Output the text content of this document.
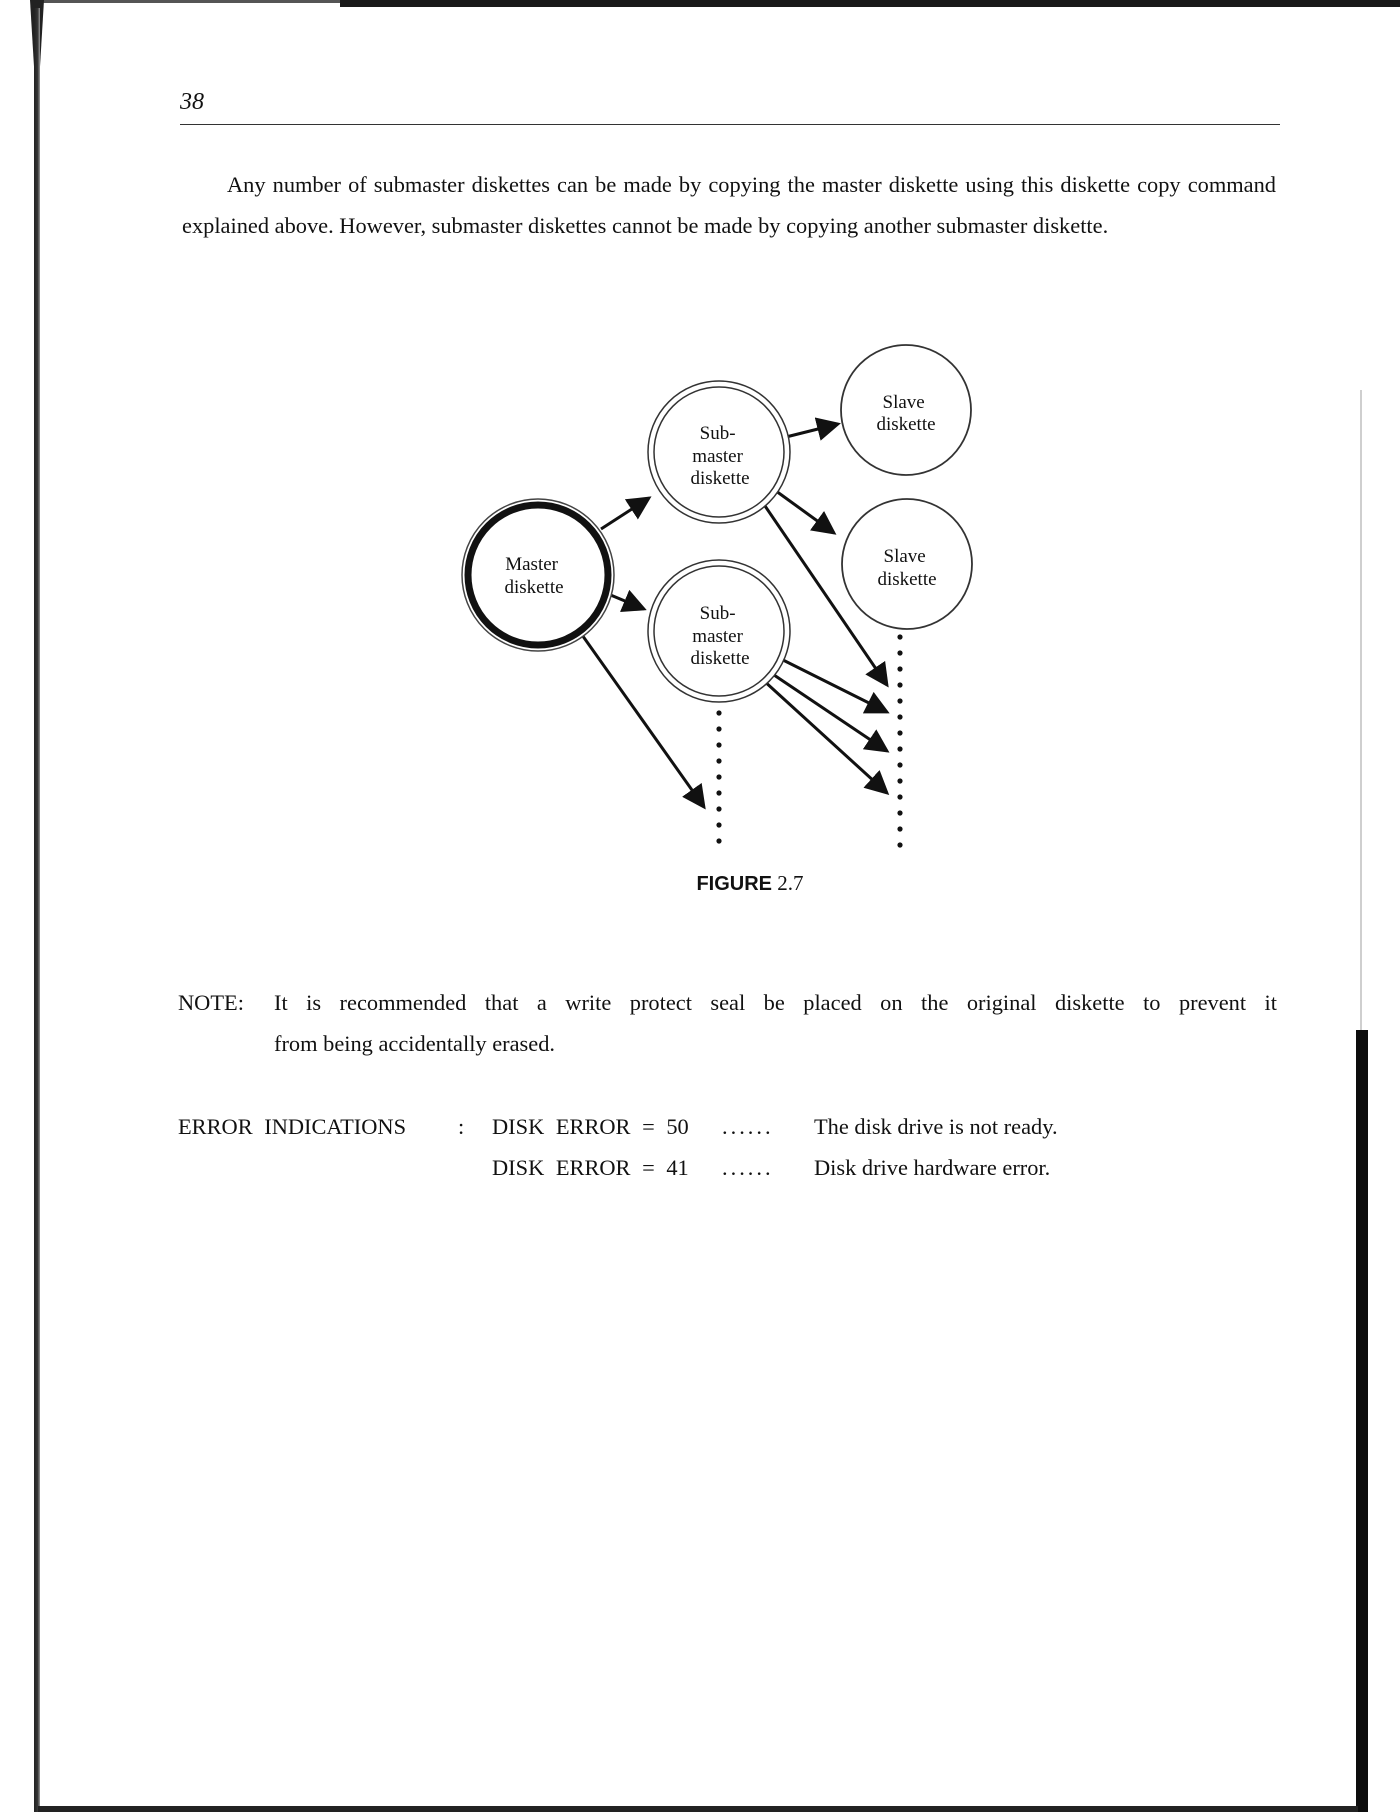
38

Any number of submaster diskettes can be made by copying the master diskette using this diskette copy command explained above. However, submaster diskettes cannot be made by copying another submaster diskette.

Master diskette
Sub- master diskette
Sub- master diskette
Slave diskette
Slave diskette
FIGURE 2.7
NOTE: It is recommended that a write protect seal be placed on the original diskette to prevent it
from being accidentally erased.
ERROR INDICATIONS : DISK ERROR = 50 ...... The disk drive is not ready.
DISK ERROR = 41 ...... Disk drive hardware error.
